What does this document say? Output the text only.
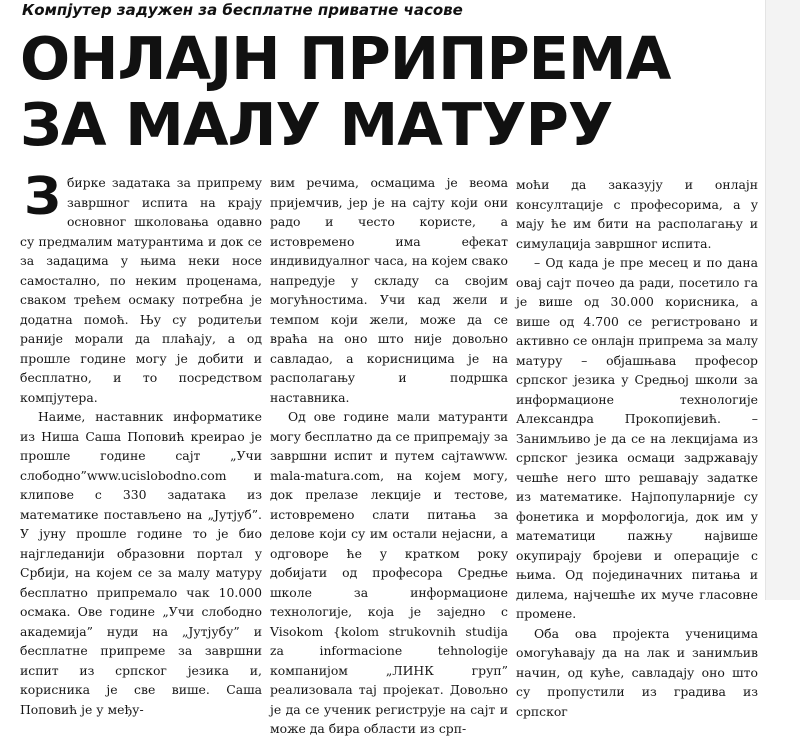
Компјутер задужен за бесплатне приватне часове
ОНЛАЈН ПРИПРЕМА
ЗА МАЛУ МАТУРУ

Збирке задатака за припрему завршног испита на крају основног школовања одавно су предмалим матурантима и док се за задацима у њима неки носе самостално, по неким проценама, сваком трећем осмаку потребна је додатна помоћ. Њу су родитељи раније морали да плаћају, а од прошле године могу је добити и бесплатно, и то посредством компјутера.

Наиме, наставник информатике из Ниша Саша Поповић креирао је прошле године сајт „Учи слободно”www.ucislobodno.com и клипове с 330 задатака из математике постављено на „Јутјуб”. У јуну прошле године то је био најгледанији образовни портал у Србији, на којем се за малу матуру бесплатно припремало чак 10.000 осмака. Ове године „Учи слободно академија” нуди на „Јутјубу” и бесплатне припреме за завршни испит из српског језика и, корисника је све више. Саша Поповић је у међу-

вим речима, осмацима је веома пријемчив, јер је на сајту који они радо и често користе, а истовремено има ефекат индивидуалног часа, на којем свако напредује у складу са својим могућностима. Учи кад жели и темпом који жели, може да се враћа на оно што није довољно савладао, а корисницима је на располагању и подршка наставника.

Од ове године мали матуранти могу бесплатно да се припремају за завршни испит и путем сајтаwww. mala-matura.com, на којем могу, док прелазе лекције и тестове, истовремено слати питања за делове који су им остали нејасни, а одговоре ће у кратком року добијати од професора Средње школе за информационе технологије, која је заједно с Visokom {kolom strukovnih studija za informacione tehnologije компанијом „ЛИНК груп” реализовала тај пројекат. Довољно је да се ученик региструје на сајт и може да бира области из срп-

моћи да заказују и онлајн консултације с професорима, а у мају ће им бити на располагању и симулација завршног испита.

– Од када је пре месец и по дана овај сајт почео да ради, посетило га је више од 30.000 корисника, а више од 4.700 се регистровано и активно се онлајн припрема за малу матуру – објашњава професор српског језика у Средњој школи за информационе технологије Александра Прокопијевић. – Занимљиво је да се на лекцијама из српског језика осмаци задржавају чешће него што решавају задатке из математике. Најпопуларније су фонетика и морфологија, док им у математици пажњу највише окупирају бројеви и операције с њима. Од појединачних питања и дилема, најчешће их муче гласовне промене.

Оба ова пројекта ученицима омогућавају да на лак и занимљив начин, од куће, савладају оно што су пропустили из градива из српског
